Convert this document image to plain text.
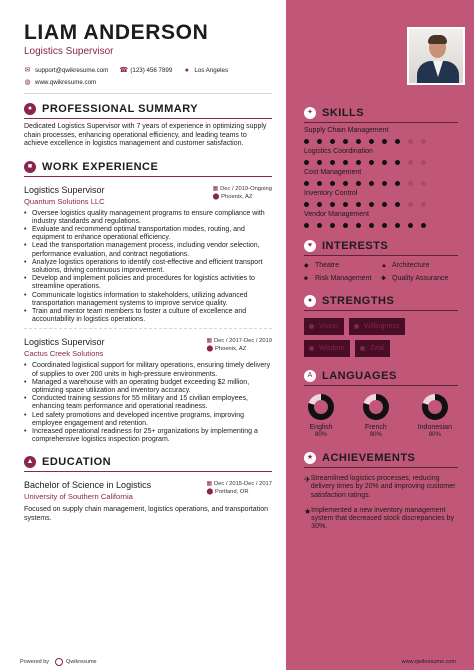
LIAM ANDERSON
Logistics Supervisor
✉ support@qwikresume.com ☎ (123) 456 7899 ● Los Angeles
◍ www.qwikresume.com
● PROFESSIONAL SUMMARY
Dedicated Logistics Supervisor with 7 years of experience in optimizing supply chain processes, enhancing operational efficiency, and leading teams to achieve excellence in logistics management and customer satisfaction.
■ WORK EXPERIENCE
Logistics Supervisor
Quantum Solutions LLC
▦ Dec / 2019-Ongoing
⬤ Phoenix, AZ
• Oversee logistics quality management programs to ensure compliance with industry standards and regulations.
• Evaluate and recommend optimal transportation modes, routing, and equipment to enhance operational efficiency.
• Lead the transportation management process, including vendor selection, performance evaluation, and contract negotiations.
• Analyze logistics operations to identify cost-effective and efficient transport solutions, driving continuous improvement.
• Develop and implement policies and procedures for logistics activities to streamline operations.
• Communicate logistics information to stakeholders, utilizing advanced transportation management systems to improve service quality.
• Train and mentor team members to foster a culture of excellence and accountability in logistics operations.
Logistics Supervisor
Cactus Creek Solutions
▦ Dec / 2017-Dec / 2019
⬤ Phoenix, AZ
• Coordinated logistical support for military operations, ensuring timely delivery of supplies to over 200 units in high-pressure environments.
• Managed a warehouse with an operating budget exceeding $2 million, optimizing space utilization and inventory accuracy.
• Conducted training sessions for 55 military and 15 civilian employees, enhancing team performance and operational readiness.
• Led safety promotions and developed incentive programs, improving employee engagement and retention.
• Increased operational readiness for 25+ organizations by implementing a comprehensive logistics inspection program.
▲ EDUCATION
Bachelor of Science in Logistics
University of Southern California
▦ Dec / 2015-Dec / 2017
⬤ Portland, OR
Focused on supply chain management, logistics operations, and transportation systems.
✦ SKILLS
Supply Chain Management
Logistics Coordination
Cost Management
Inventory Control
Vendor Management
♥ INTERESTS
◆ Theatre	▲ Architecture
■	Risk Management ✱ Quality Assurance
● STRENGTHS
Vision	Willingness
Wisdom	Zeal
A LANGUAGES
English
80%
French
80%
Indonesian
80%
★ ACHIEVEMENTS
✈ Streamlined logistics processes, reducing delivery times by 20% and improving customer satisfaction ratings.
★ Implemented a new inventory management system that decreased stock discrepancies by 30%.
Powered by	Qwikresume	www.qwikresume.com
